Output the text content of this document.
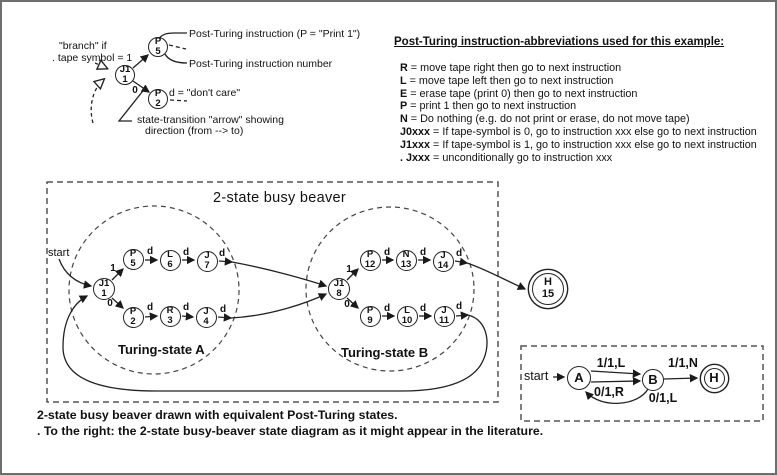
"branch" if
. tape symbol = 1
Post-Turing instruction (P = "Print 1")
Post-Turing instruction number
d = "don't care"
state-transition "arrow" showing
direction (from --> to)
Post-Turing instruction-abbreviations used for this example:
R = move tape right then go to next instruction
L = move tape left then go to next instruction
E = erase tape (print 0) then go to next instruction
P = print 1 then go to next instruction
N = Do nothing (e.g. do not print or erase, do not move tape)
J0xxx = If tape-symbol is 0, go to instruction xxx else go to next instruction
J1xxx = If tape-symbol is 1, go to instruction xxx else go to next instruction
. Jxxx = unconditionally go to instruction xxx
2-state busy beaver
start
Turing-state A	Turing-state B
start
2-state busy beaver drawn with equivalent Post-Turing states.
. To the right: the 2-state busy-beaver state diagram as it might appear in the literature.
J1
1
P
5
P
2
J1
1
P
5
L
6
J
7
P
2
R
3
J
4
J1
8
P
12
N
13
J
14
P
9
L
10
J
11
H
15
A	B	H
0
1
0
d	d	d
d	d	d
1
0
d	d	d
d	d	d
1/1,L
0/1,R
1/1,N
0/1,L
